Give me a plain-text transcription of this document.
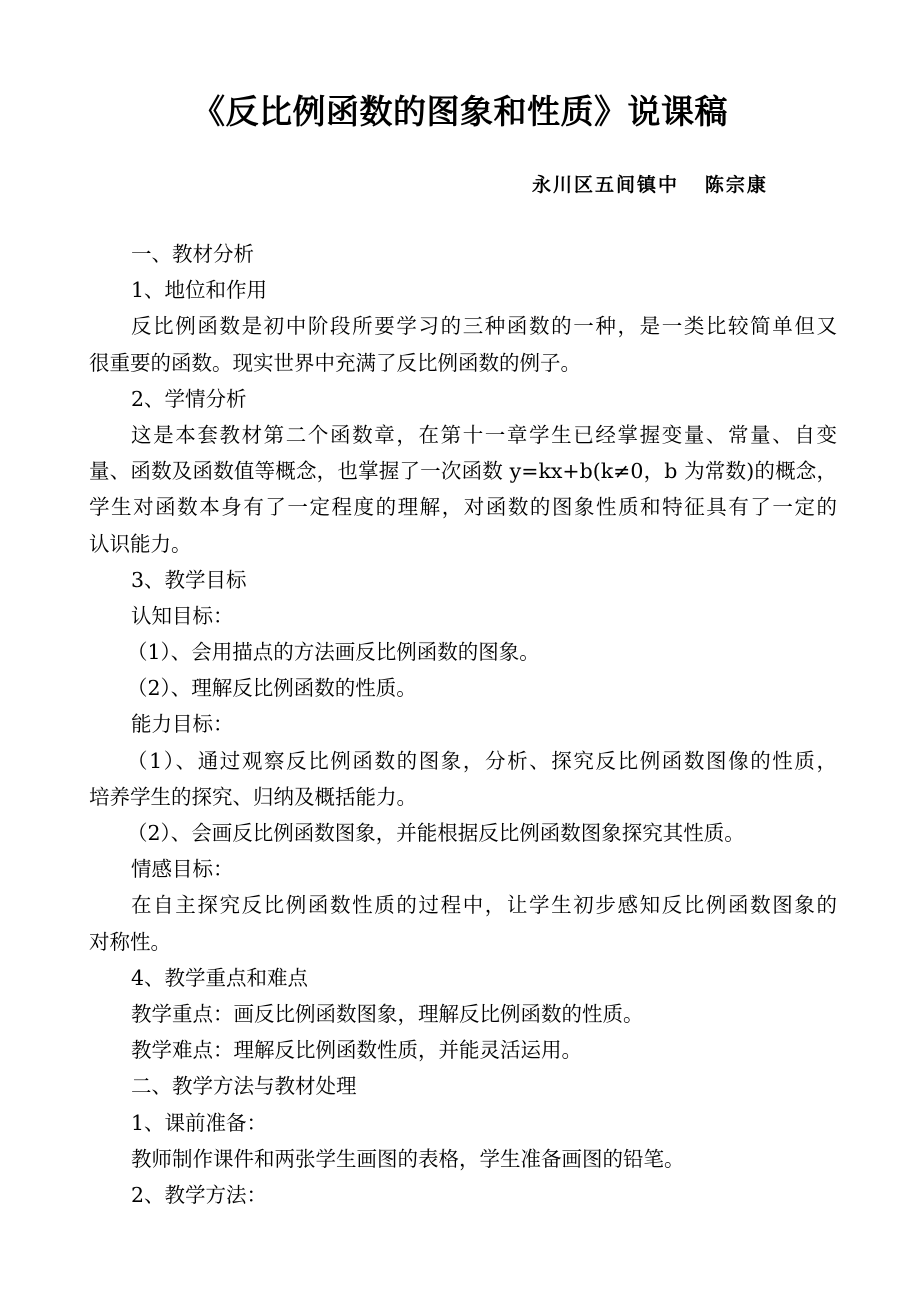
《反比例函数的图象和性质》说课稿
永川区五间镇中   陈宗康
一、教材分析
1、地位和作用
反比例函数是初中阶段所要学习的三种函数的一种，是一类比较简单但又
很重要的函数。现实世界中充满了反比例函数的例子。
2、学情分析
这是本套教材第二个函数章，在第十一章学生已经掌握变量、常量、自变
量、函数及函数值等概念，也掌握了一次函数 y=kx+b(k≠0，b 为常数)的概念，
学生对函数本身有了一定程度的理解，对函数的图象性质和特征具有了一定的
认识能力。
3、教学目标
认知目标：
（1）、会用描点的方法画反比例函数的图象。
（2）、理解反比例函数的性质。
能力目标：
（1）、通过观察反比例函数的图象，分析、探究反比例函数图像的性质，
培养学生的探究、归纳及概括能力。
（2）、会画反比例函数图象，并能根据反比例函数图象探究其性质。
情感目标：
在自主探究反比例函数性质的过程中，让学生初步感知反比例函数图象的
对称性。
4、教学重点和难点
教学重点：画反比例函数图象，理解反比例函数的性质。
教学难点：理解反比例函数性质，并能灵活运用。
二、教学方法与教材处理
1、课前准备：
教师制作课件和两张学生画图的表格，学生准备画图的铅笔。
2、教学方法：
